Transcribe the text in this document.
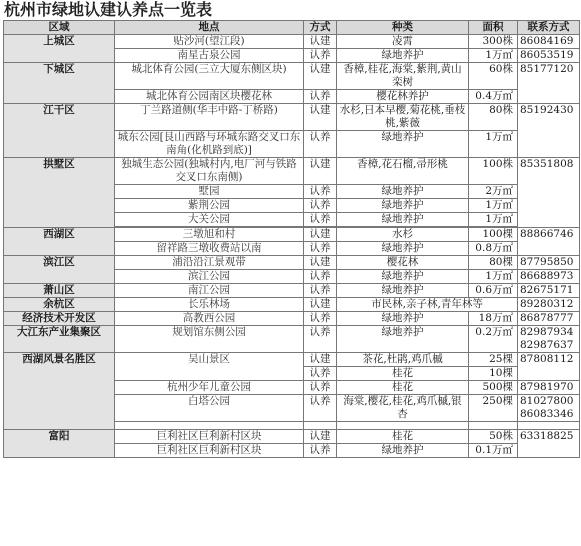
杭州市绿地认建认养点一览表
区域	地点	方式	种类	面积	联系方式
上城区	贴沙河(望江段)	认建	凌霄	300株	86084169
	南星古泉公园	认养	绿地养护	1万㎡	86053519
下城区	城北体育公园(三立大厦东侧区块)	认建	香樟,桂花,海棠,紫荆,黄山栾树	60株	85177120
	城北体育公园南区块樱花林	认养	樱花林养护	0.4万㎡	
江干区	丁兰路道侧(华丰中路-丁桥路)	认建	水杉,日本早樱,菊花桃,垂枝桃,紫薇	80株	85192430
	城东公园[艮山西路与环城东路交叉口东南角(化机路到底)]	认养	绿地养护	1万㎡	
拱墅区	独城生态公园(独城村内,电厂河与铁路交叉口东南侧)	认建	香樟,花石榴,帚形桃	100株	85351808
	墅园	认养	绿地养护	2万㎡	
	紫荆公园	认养	绿地养护	1万㎡	
	大关公园	认养	绿地养护	1万㎡	

西湖区	三墩旭和村	认建	水杉	100棵	88866746
	留祥路三墩收费站以南	认养	绿地养护	0.8万㎡	
滨江区	浦沿沿江景观带	认建	樱花林	80棵	87795850
	滨江公园	认养	绿地养护	1万㎡	86688973
萧山区	南江公园	认养	绿地养护	0.6万㎡	82675171
余杭区	长乐林场	认建	市民林,亲子林,青年林等		89280312
经济技术开发区	高教西公园	认养	绿地养护	18万㎡	86878777
大江东产业集聚区	规划馆东侧公园	认养	绿地养护	0.2万㎡	82987934 82987637
西湖风景名胜区	吴山景区	认建	茶花,杜鹃,鸡爪槭	25棵	87808112
		认养	桂花	10棵	
	杭州少年儿童公园	认养	桂花	500棵	87981970
	白塔公园	认养	海棠,樱花,桂花,鸡爪槭,银杏	250棵	81027800 86083346

富阳	巨利社区巨利新村区块	认建	桂花	50株	63318825
	巨利社区巨利新村区块	认养	绿地养护	0.1万㎡	
